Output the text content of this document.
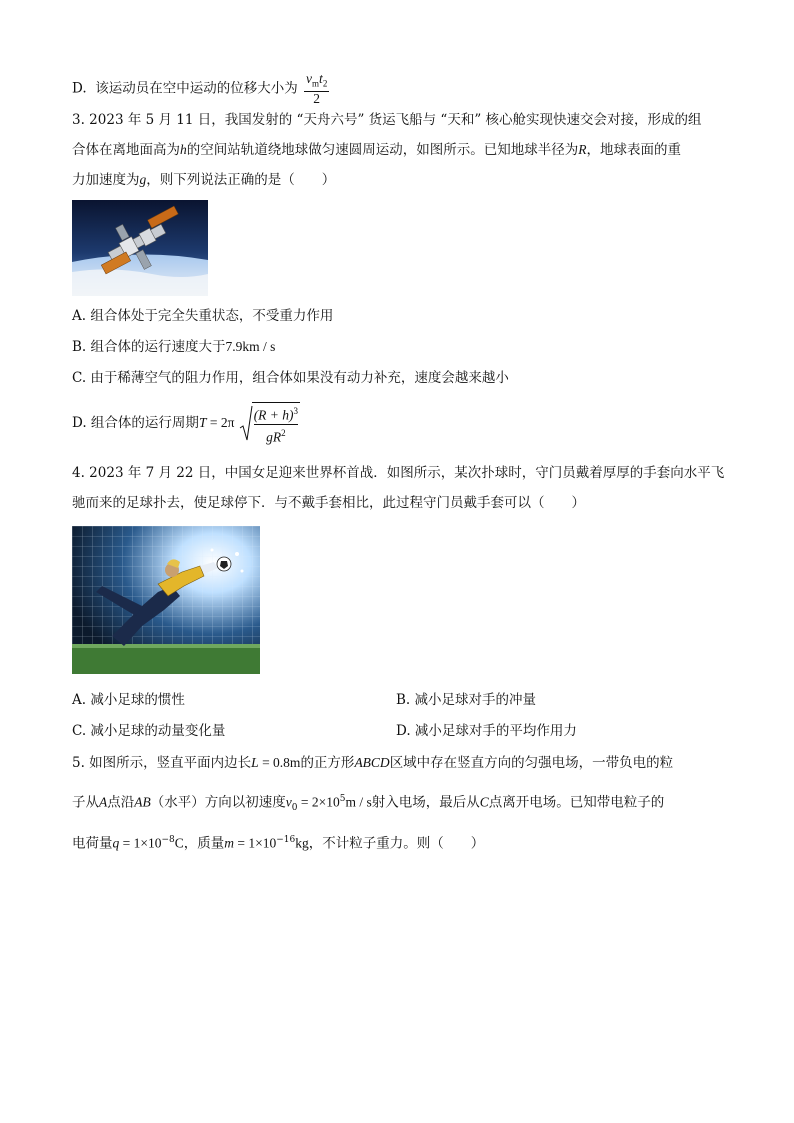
D. 该运动员在空中运动的位移大小为 $\frac{v_mt_2}{2}$
3. 2023 年 5 月 11 日，我国发射的 “天舟六号” 货运飞船与 “天和” 核心舱实现快速交会对接，形成的组
合体在离地面高为h的空间站轨道绕地球做匀速圆周运动，如图所示。已知地球半径为R，地球表面的重
力加速度为g，则下列说法正确的是（　　）
A. 组合体处于完全失重状态，不受重力作用
B. 组合体的运行速度大于7.9km / s
C. 由于稀薄空气的阻力作用，组合体如果没有动力补充，速度会越来越小
D. 组合体的运行周期$T = 2\pi \frac{(R + h)^3}{gR^2}$
4. 2023 年 7 月 22 日，中国女足迎来世界杯首战．如图所示，某次扑球时，守门员戴着厚厚的手套向水平飞
驰而来的足球扑去，使足球停下．与不戴手套相比，此过程守门员戴手套可以（　　）
A. 减小足球的惯性	B. 减小足球对手的冲量
C. 减小足球的动量变化量	D. 减小足球对手的平均作用力
5. 如图所示，竖直平面内边长L = 0.8m的正方形ABCD区域中存在竖直方向的匀强电场，一带负电的粒
子从A点沿AB（水平）方向以初速度$v_0 = 2\times 10^5m / s$射入电场，最后从C点离开电场。已知带电粒子的
电荷量$q = 1\times 10^{-8}C$，质量$m = 1\times 10^{-16}kg$，不计粒子重力。则（　　）
